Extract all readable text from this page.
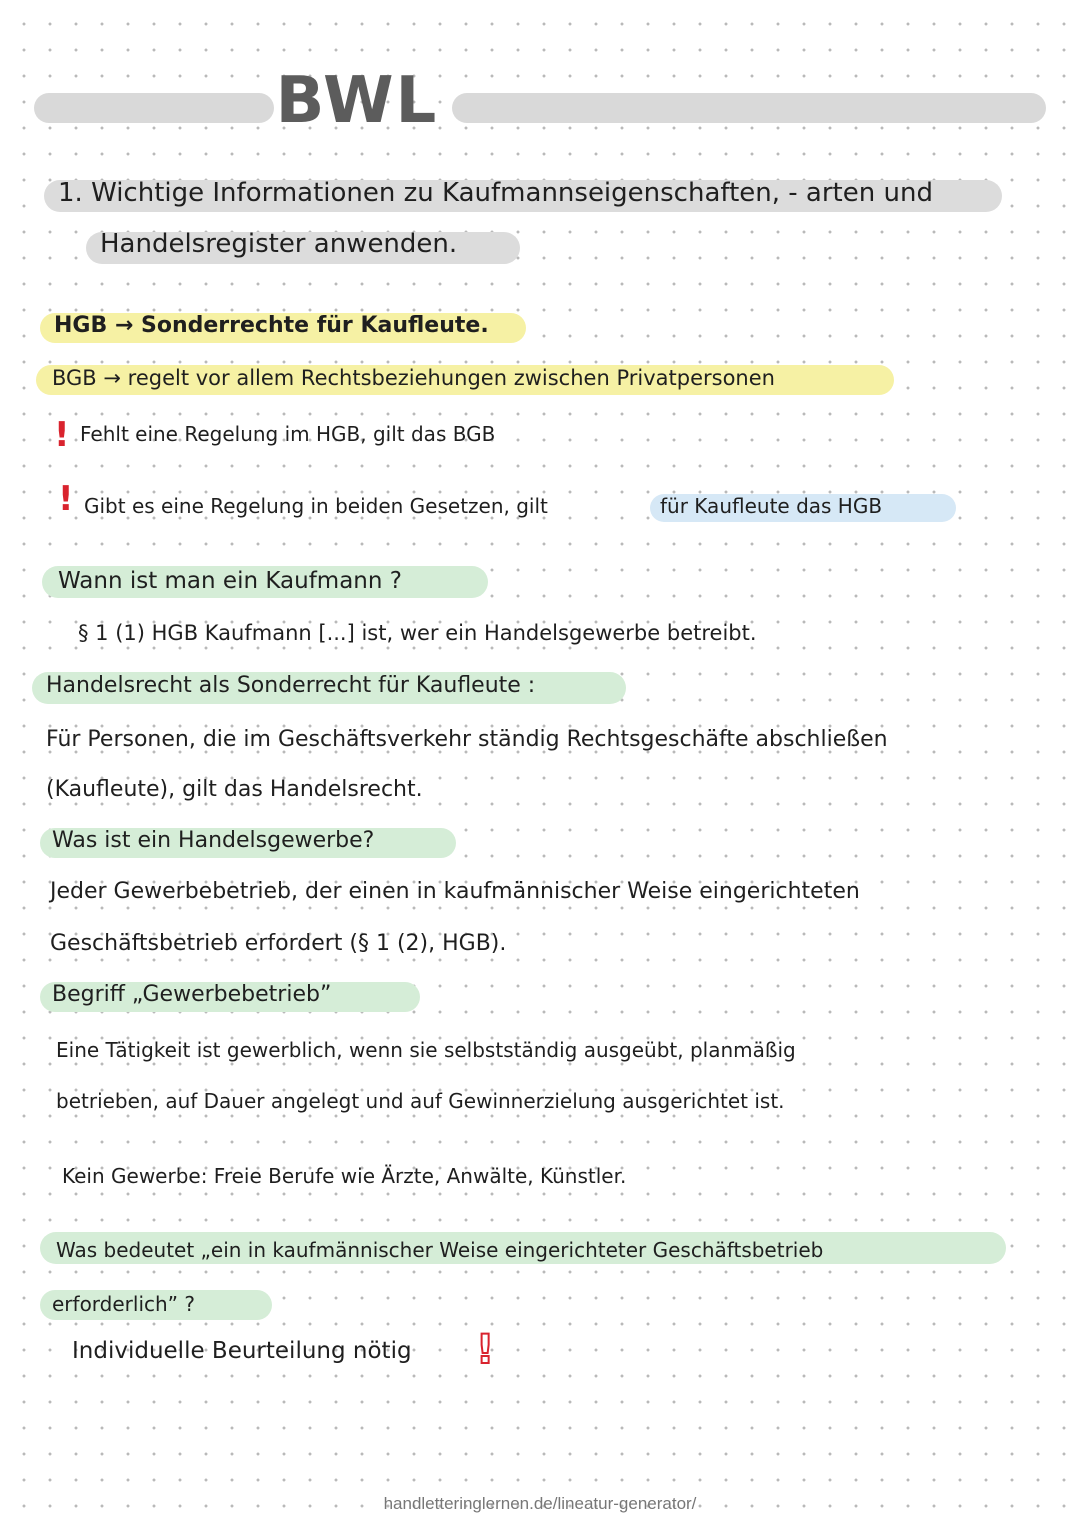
BWL
1. Wichtige Informationen zu Kaufmannseigenschaften, - arten und
Handelsregister anwenden.
HGB → Sonderrechte für Kaufleute.
BGB → regelt vor allem Rechtsbeziehungen zwischen Privatpersonen
! Fehlt eine Regelung im HGB, gilt das BGB
! Gibt es eine Regelung in beiden Gesetzen, gilt	für Kaufleute das HGB
Wann ist man ein Kaufmann ?
§ 1 (1) HGB Kaufmann [...] ist, wer ein Handelsgewerbe betreibt.
Handelsrecht als Sonderrecht für Kaufleute :
Für Personen, die im Geschäftsverkehr ständig Rechtsgeschäfte abschließen
(Kaufleute), gilt das Handelsrecht.
Was ist ein Handelsgewerbe?
Jeder Gewerbebetrieb, der einen in kaufmännischer Weise eingerichteten
Geschäftsbetrieb erfordert (§ 1 (2), HGB).
Begriff „Gewerbebetrieb”
Eine Tätigkeit ist gewerblich, wenn sie selbstständig ausgeübt, planmäßig
betrieben, auf Dauer angelegt und auf Gewinnerzielung ausgerichtet ist.
Kein Gewerbe: Freie Berufe wie Ärzte, Anwälte, Künstler.
Was bedeutet „ein in kaufmännischer Weise eingerichteter Geschäftsbetrieb
erforderlich” ?
Individuelle Beurteilung nötig !
handletteringlernen.de/lineatur-generator/
